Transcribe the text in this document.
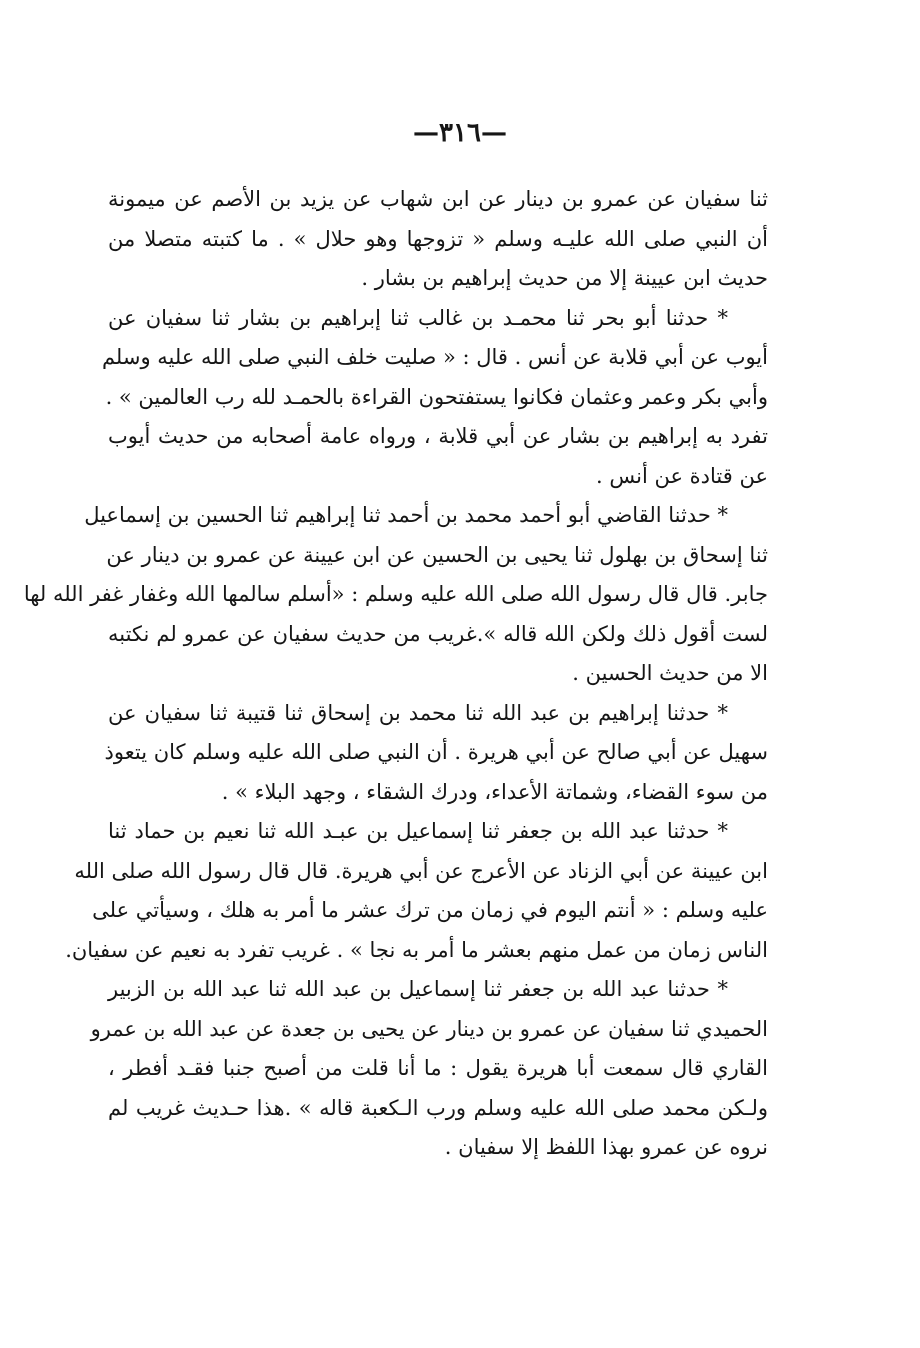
—٣١٦—
ثنا سفيان عن عمرو بن دينار عن ابن شهاب عن يزيد بن الأصم عن ميمونة
أن النبي صلى الله عليـه وسلم « تزوجها وهو حلال » . ما كتبته متصلا من
حديث ابن عيينة إلا من حديث إبراهيم بن بشار .
* حدثنا أبو بحر ثنا محمـد بن غالب ثنا إبراهيم بن بشار ثنا سفيان عن
أيوب عن أبي قلابة عن أنس . قال : « صليت خلف النبي صلى الله عليه وسلم
وأبي بكر وعمر وعثمان فكانوا يستفتحون القراءة بالحمـد لله رب العالمين » .
تفرد به إبراهيم بن بشار عن أبي قلابة ، ورواه عامة أصحابه من حديث أيوب
عن قتادة عن أنس .
* حدثنا القاضي أبو أحمد محمد بن أحمد ثنا إبراهيم ثنا الحسين بن إسماعيل
ثنا إسحاق بن بهلول ثنا يحيى بن الحسين عن ابن عيينة عن عمرو بن دينار عن
جابر. قال قال رسول الله صلى الله عليه وسلم : «أسلم سالمها الله وغفار غفر الله لها
لست أقول ذلك ولكن الله قاله ».غريب من حديث سفيان عن عمرو لم نكتبه
الا من حديث الحسين .
* حدثنا إبراهيم بن عبد الله ثنا محمد بن إسحاق ثنا قتيبة ثنا سفيان عن
سهيل عن أبي صالح عن أبي هريرة . أن النبي صلى الله عليه وسلم كان يتعوذ
من سوء القضاء، وشماتة الأعداء، ودرك الشقاء ، وجهد البلاء » .
* حدثنا عبد الله بن جعفر ثنا إسماعيل بن عبـد الله ثنا نعيم بن حماد ثنا
ابن عيينة عن أبي الزناد عن الأعرج عن أبي هريرة. قال قال رسول الله صلى الله
عليه وسلم : « أنتم اليوم في زمان من ترك عشر ما أمر به هلك ، وسيأتي على
الناس زمان من عمل منهم بعشر ما أمر به نجا » . غريب تفرد به نعيم عن سفيان.
* حدثنا عبد الله بن جعفر ثنا إسماعيل بن عبد الله ثنا عبد الله بن الزبير
الحميدي ثنا سفيان عن عمرو بن دينار عن يحيى بن جعدة عن عبد الله بن عمرو
القاري قال سمعت أبا هريرة يقول : ما أنا قلت من أصبح جنبا فقـد أفطر ،
ولـكن محمد صلى الله عليه وسلم ورب الـكعبة قاله » .هذا حـديث غريب لم
نروه عن عمرو بهذا اللفظ إلا سفيان .
